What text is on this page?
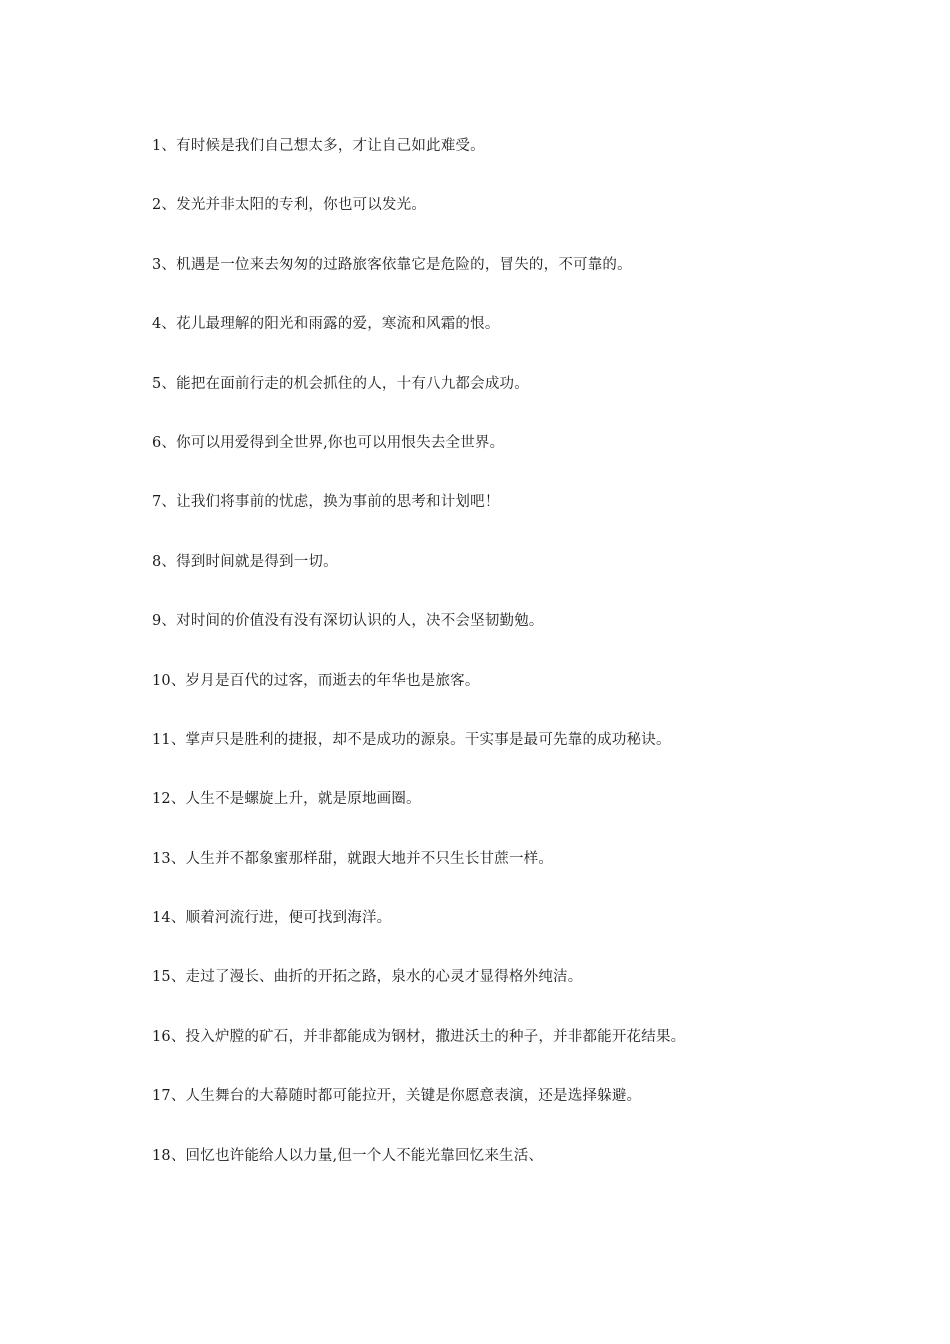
1、有时候是我们自己想太多，才让自己如此难受。
2、发光并非太阳的专利，你也可以发光。
3、机遇是一位来去匆匆的过路旅客依靠它是危险的，冒失的，不可靠的。
4、花儿最理解的阳光和雨露的爱，寒流和风霜的恨。
5、能把在面前行走的机会抓住的人，十有八九都会成功。
6、你可以用爱得到全世界,你也可以用恨失去全世界。
7、让我们将事前的忧虑，换为事前的思考和计划吧！
8、得到时间就是得到一切。
9、对时间的价值没有没有深切认识的人，决不会坚韧勤勉。
10、岁月是百代的过客，而逝去的年华也是旅客。
11、掌声只是胜利的捷报，却不是成功的源泉。干实事是最可先靠的成功秘诀。
12、人生不是螺旋上升，就是原地画圈。
13、人生并不都象蜜那样甜，就跟大地并不只生长甘蔗一样。
14、顺着河流行进，便可找到海洋。
15、走过了漫长、曲折的开拓之路，泉水的心灵才显得格外纯洁。
16、投入炉膛的矿石，并非都能成为钢材，撒进沃土的种子，并非都能开花结果。
17、人生舞台的大幕随时都可能拉开，关键是你愿意表演，还是选择躲避。
18、回忆也许能给人以力量,但一个人不能光靠回忆来生活、
